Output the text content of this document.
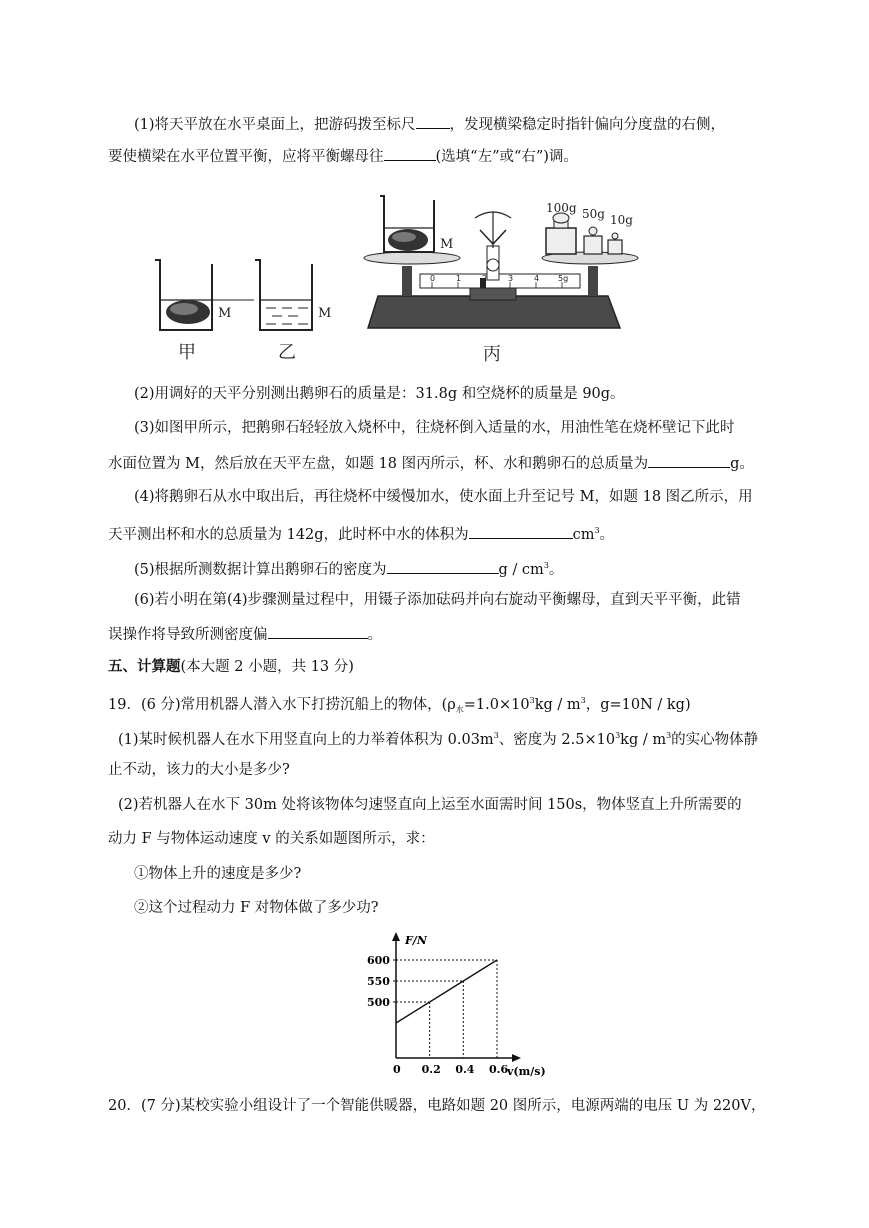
(1)将天平放在水平桌面上，把游码拨至标尺 ，发现横梁稳定时指针偏向分度盘的右侧，
要使横梁在水平位置平衡，应将平衡螺母往	(选填“左”或“右”)调。
M
甲
M
乙
M
100g 50g 10g
0	1	2	3	4 5g
丙
(2)用调好的天平分别测出鹅卵石的质量是：31.8g 和空烧杯的质量是 90g。
(3)如图甲所示，把鹅卵石轻轻放入烧杯中，往烧杯倒入适量的水，用油性笔在烧杯壁记下此时
水面位置为 M，然后放在天平左盘，如题 18 图丙所示，杯、水和鹅卵石的总质量为	g。
(4)将鹅卵石从水中取出后，再往烧杯中缓慢加水，使水面上升至记号 M，如题 18 图乙所示，用
天平测出杯和水的总质量为 142g，此时杯中水的体积为	$cm^3$。
(5)根据所测数据计算出鹅卵石的密度为	g / $cm^3$。
(6)若小明在第(4)步骤测量过程中，用镊子添加砝码并向右旋动平衡螺母，直到天平平衡，此错
误操作将导致所测密度偏	。
五、计算题(本大题 2 小题，共 13 分)
19．(6 分)常用机器人潜入水下打捞沉船上的物体，($\rho_水=1.0\times 10^3kg / m^3$，g=10N / kg)
(1)某时候机器人在水下用竖直向上的力举着体积为 $0.03m^3$、密度为 $2.5\times 10^3kg / m^3$的实心物体静
止不动，该力的大小是多少?
(2)若机器人在水下 30m 处将该物体匀速竖直向上运至水面需时间 150s，物体竖直上升所需要的
动力 F 与物体运动速度 v 的关系如题图所示，求：
①物体上升的速度是多少?
②这个过程动力 F 对物体做了多少功?
F/N
v(m/s)
500
550
600
0 0.2 0.4 0.6
20．(7 分)某校实验小组设计了一个智能供暖器，电路如题 20 图所示，电源两端的电压 U 为 220V，
